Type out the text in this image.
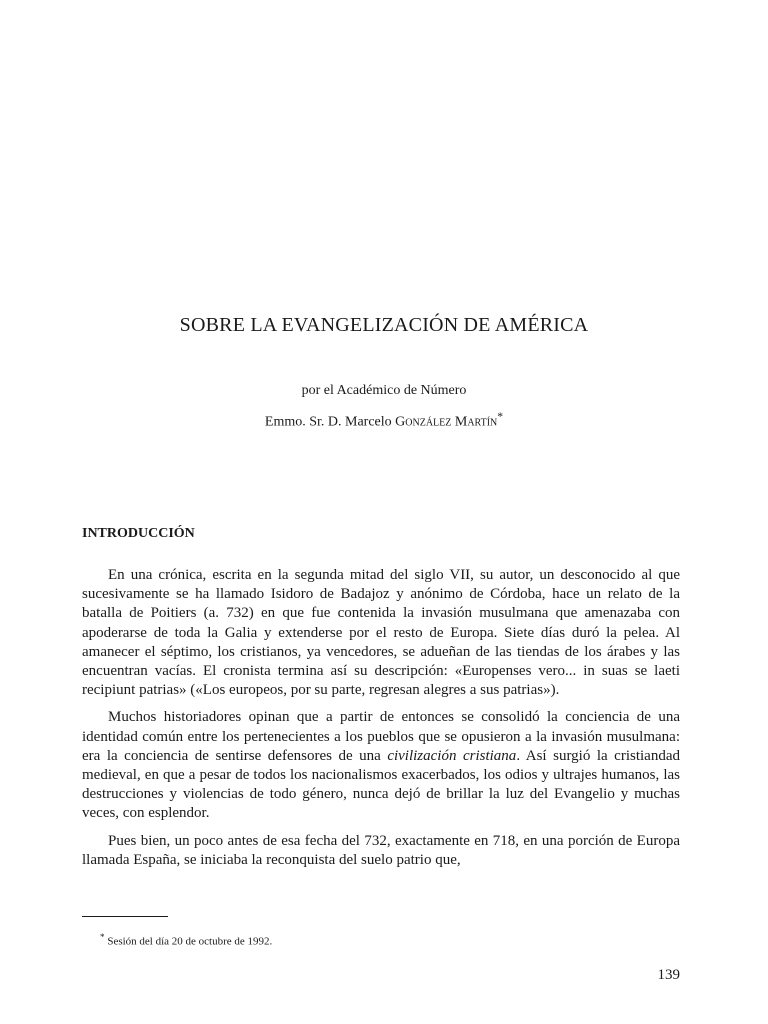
SOBRE LA EVANGELIZACIÓN DE AMÉRICA
por el Académico de Número
Emmo. Sr. D. Marcelo González Martín*
INTRODUCCIÓN

En una crónica, escrita en la segunda mitad del siglo VII, su autor, un desconocido al que sucesivamente se ha llamado Isidoro de Badajoz y anónimo de Córdoba, hace un relato de la batalla de Poitiers (a. 732) en que fue contenida la invasión musulmana que amenazaba con apoderarse de toda la Galia y extenderse por el resto de Europa. Siete días duró la pelea. Al amanecer el séptimo, los cristianos, ya vencedores, se adueñan de las tiendas de los árabes y las encuentran vacías. El cronista termina así su descripción: «Europenses vero... in suas se laeti recipiunt patrias» («Los europeos, por su parte, regresan alegres a sus patrias»).

Muchos historiadores opinan que a partir de entonces se consolidó la conciencia de una identidad común entre los pertenecientes a los pueblos que se opusieron a la invasión musulmana: era la conciencia de sentirse defensores de una civilización cristiana. Así surgió la cristiandad medieval, en que a pesar de todos los nacionalismos exacerbados, los odios y ultrajes humanos, las destrucciones y violencias de todo género, nunca dejó de brillar la luz del Evangelio y muchas veces, con esplendor.

Pues bien, un poco antes de esa fecha del 732, exactamente en 718, en una porción de Europa llamada España, se iniciaba la reconquista del suelo patrio que,

* Sesión del día 20 de octubre de 1992.
139
